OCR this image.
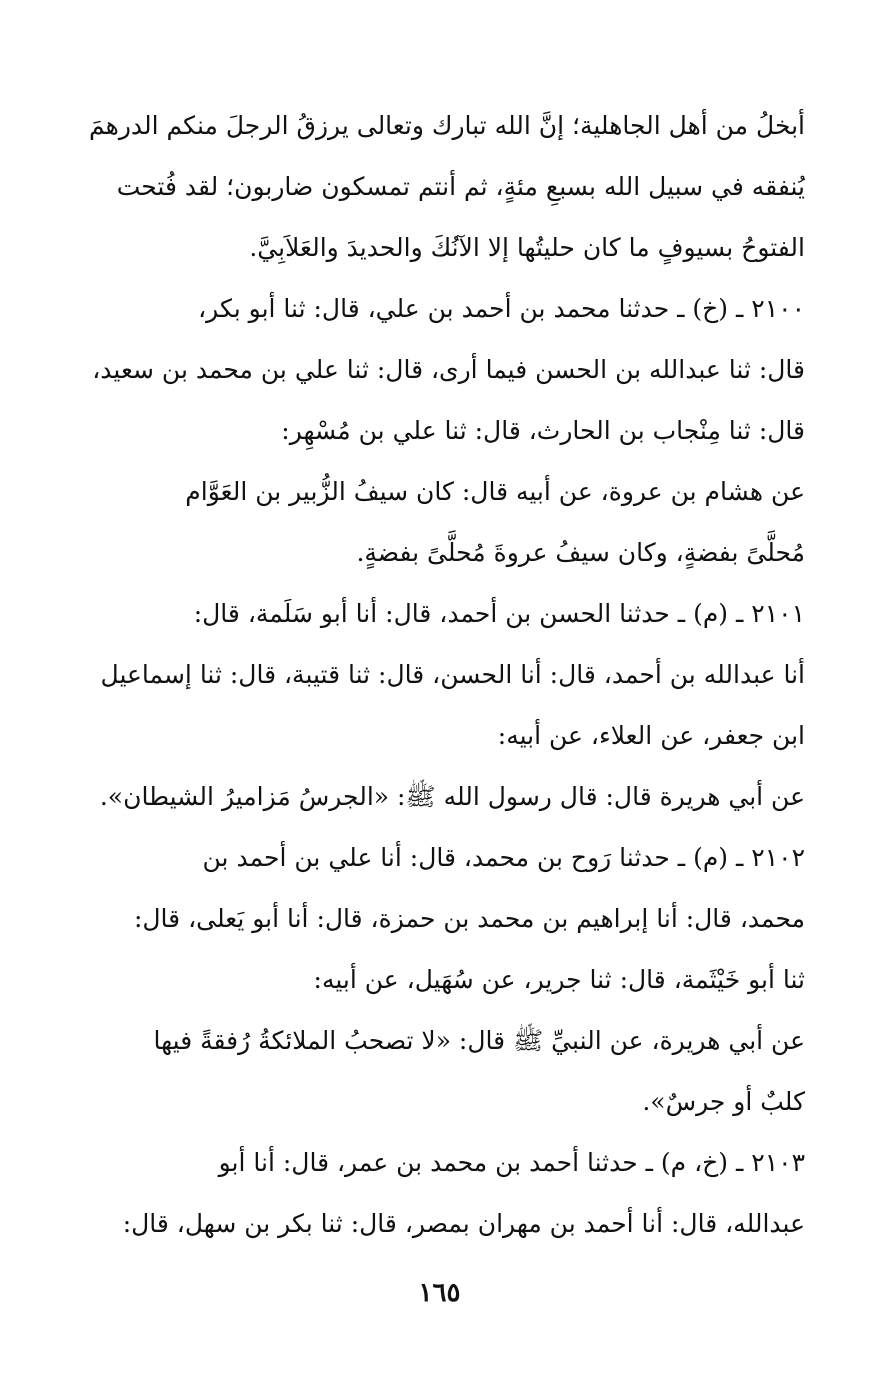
أبخلُ من أهل الجاهلية؛ إنَّ الله تبارك وتعالى يرزقُ الرجلَ منكم الدرهمَ
يُنفقه في سبيل الله بسبعِ مئةٍ، ثم أنتم تمسكون ضاربون؛ لقد فُتحت
الفتوحُ بسيوفٍ ما كان حليتُها إلا الآنُكَ والحديدَ والعَلاَبِيَّ.
٢١٠٠ ـ (خ) ـ حدثنا محمد بن أحمد بن علي، قال: ثنا أبو بكر،
قال: ثنا عبدالله بن الحسن فيما أرى، قال: ثنا علي بن محمد بن سعيد،
قال: ثنا مِنْجاب بن الحارث، قال: ثنا علي بن مُسْهِر:
عن هشام بن عروة، عن أبيه قال: كان سيفُ الزُّبير بن العَوَّام
مُحلَّىً بفضةٍ، وكان سيفُ عروةَ مُحلَّىً بفضةٍ.
٢١٠١ ـ (م) ـ حدثنا الحسن بن أحمد، قال: أنا أبو سَلَمة، قال:
أنا عبدالله بن أحمد، قال: أنا الحسن، قال: ثنا قتيبة، قال: ثنا إسماعيل
ابن جعفر، عن العلاء، عن أبيه:
عن أبي هريرة قال: قال رسول الله ﷺ: «الجرسُ مَزاميرُ الشيطان».
٢١٠٢ ـ (م) ـ حدثنا رَوح بن محمد، قال: أنا علي بن أحمد بن
محمد، قال: أنا إبراهيم بن محمد بن حمزة، قال: أنا أبو يَعلى، قال:
ثنا أبو خَيْثَمة، قال: ثنا جرير، عن سُهَيل، عن أبيه:
عن أبي هريرة، عن النبيِّ ﷺ قال: «لا تصحبُ الملائكةُ رُفقةً فيها
كلبٌ أو جرسٌ».
٢١٠٣ ـ (خ، م) ـ حدثنا أحمد بن محمد بن عمر، قال: أنا أبو
عبدالله، قال: أنا أحمد بن مهران بمصر، قال: ثنا بكر بن سهل، قال:
١٦٥
